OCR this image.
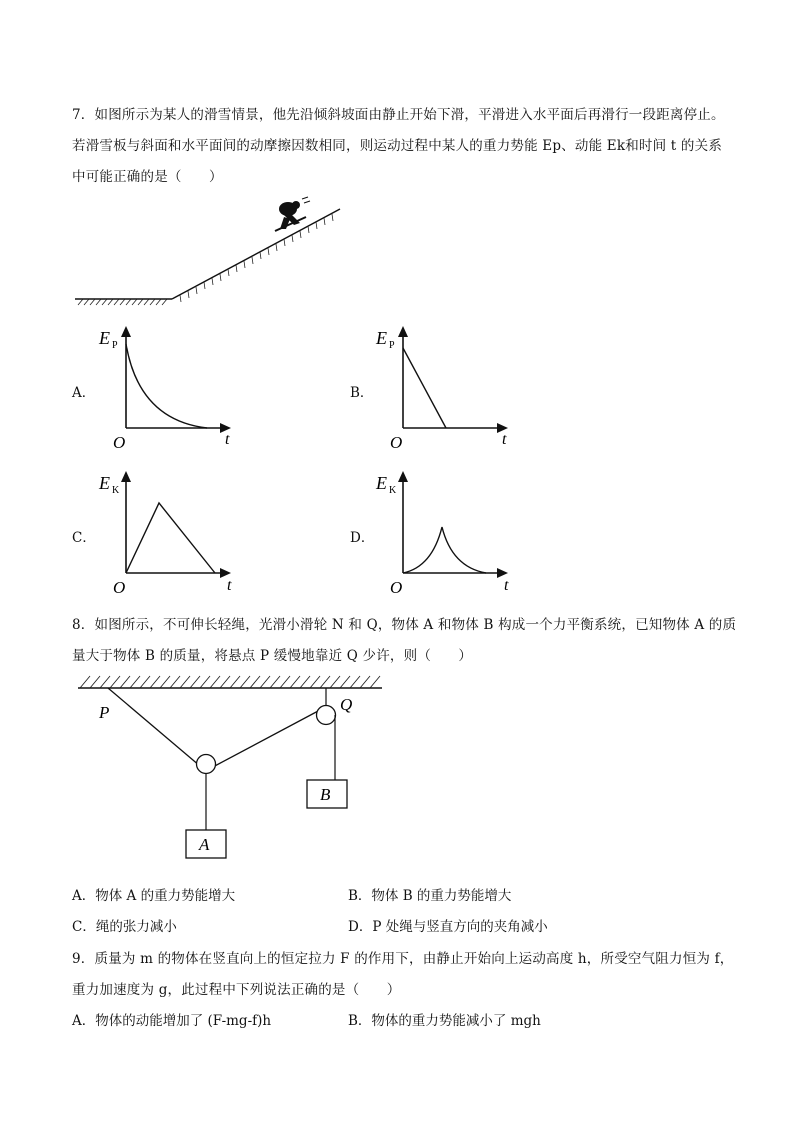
7．如图所示为某人的滑雪情景，他先沿倾斜坡面由静止开始下滑，平滑进入水平面后再滑行一段距离停止。
若滑雪板与斜面和水平面间的动摩擦因数相同，则运动过程中某人的重力势能 Ep、动能 Ek和时间 t 的关系
中可能正确的是（　　）
A．
E P
O	t
B．
E P
O	t
C．
E K
O	t
D．
E K
O	t
8．如图所示，不可伸长轻绳，光滑小滑轮 N 和 Q，物体 A 和物体 B 构成一个力平衡系统，已知物体 A 的质
量大于物体 B 的质量，将悬点 P 缓慢地靠近 Q 少许，则（　　）
P	Q
A
B
A．物体 A 的重力势能增大	B．物体 B 的重力势能增大
C．绳的张力减小	D．P 处绳与竖直方向的夹角减小
9．质量为 m 的物体在竖直向上的恒定拉力 F 的作用下，由静止开始向上运动高度 h，所受空气阻力恒为 f，
重力加速度为 g，此过程中下列说法正确的是（　　）
A．物体的动能增加了 (F-mg-f)h	B．物体的重力势能减小了 mgh
